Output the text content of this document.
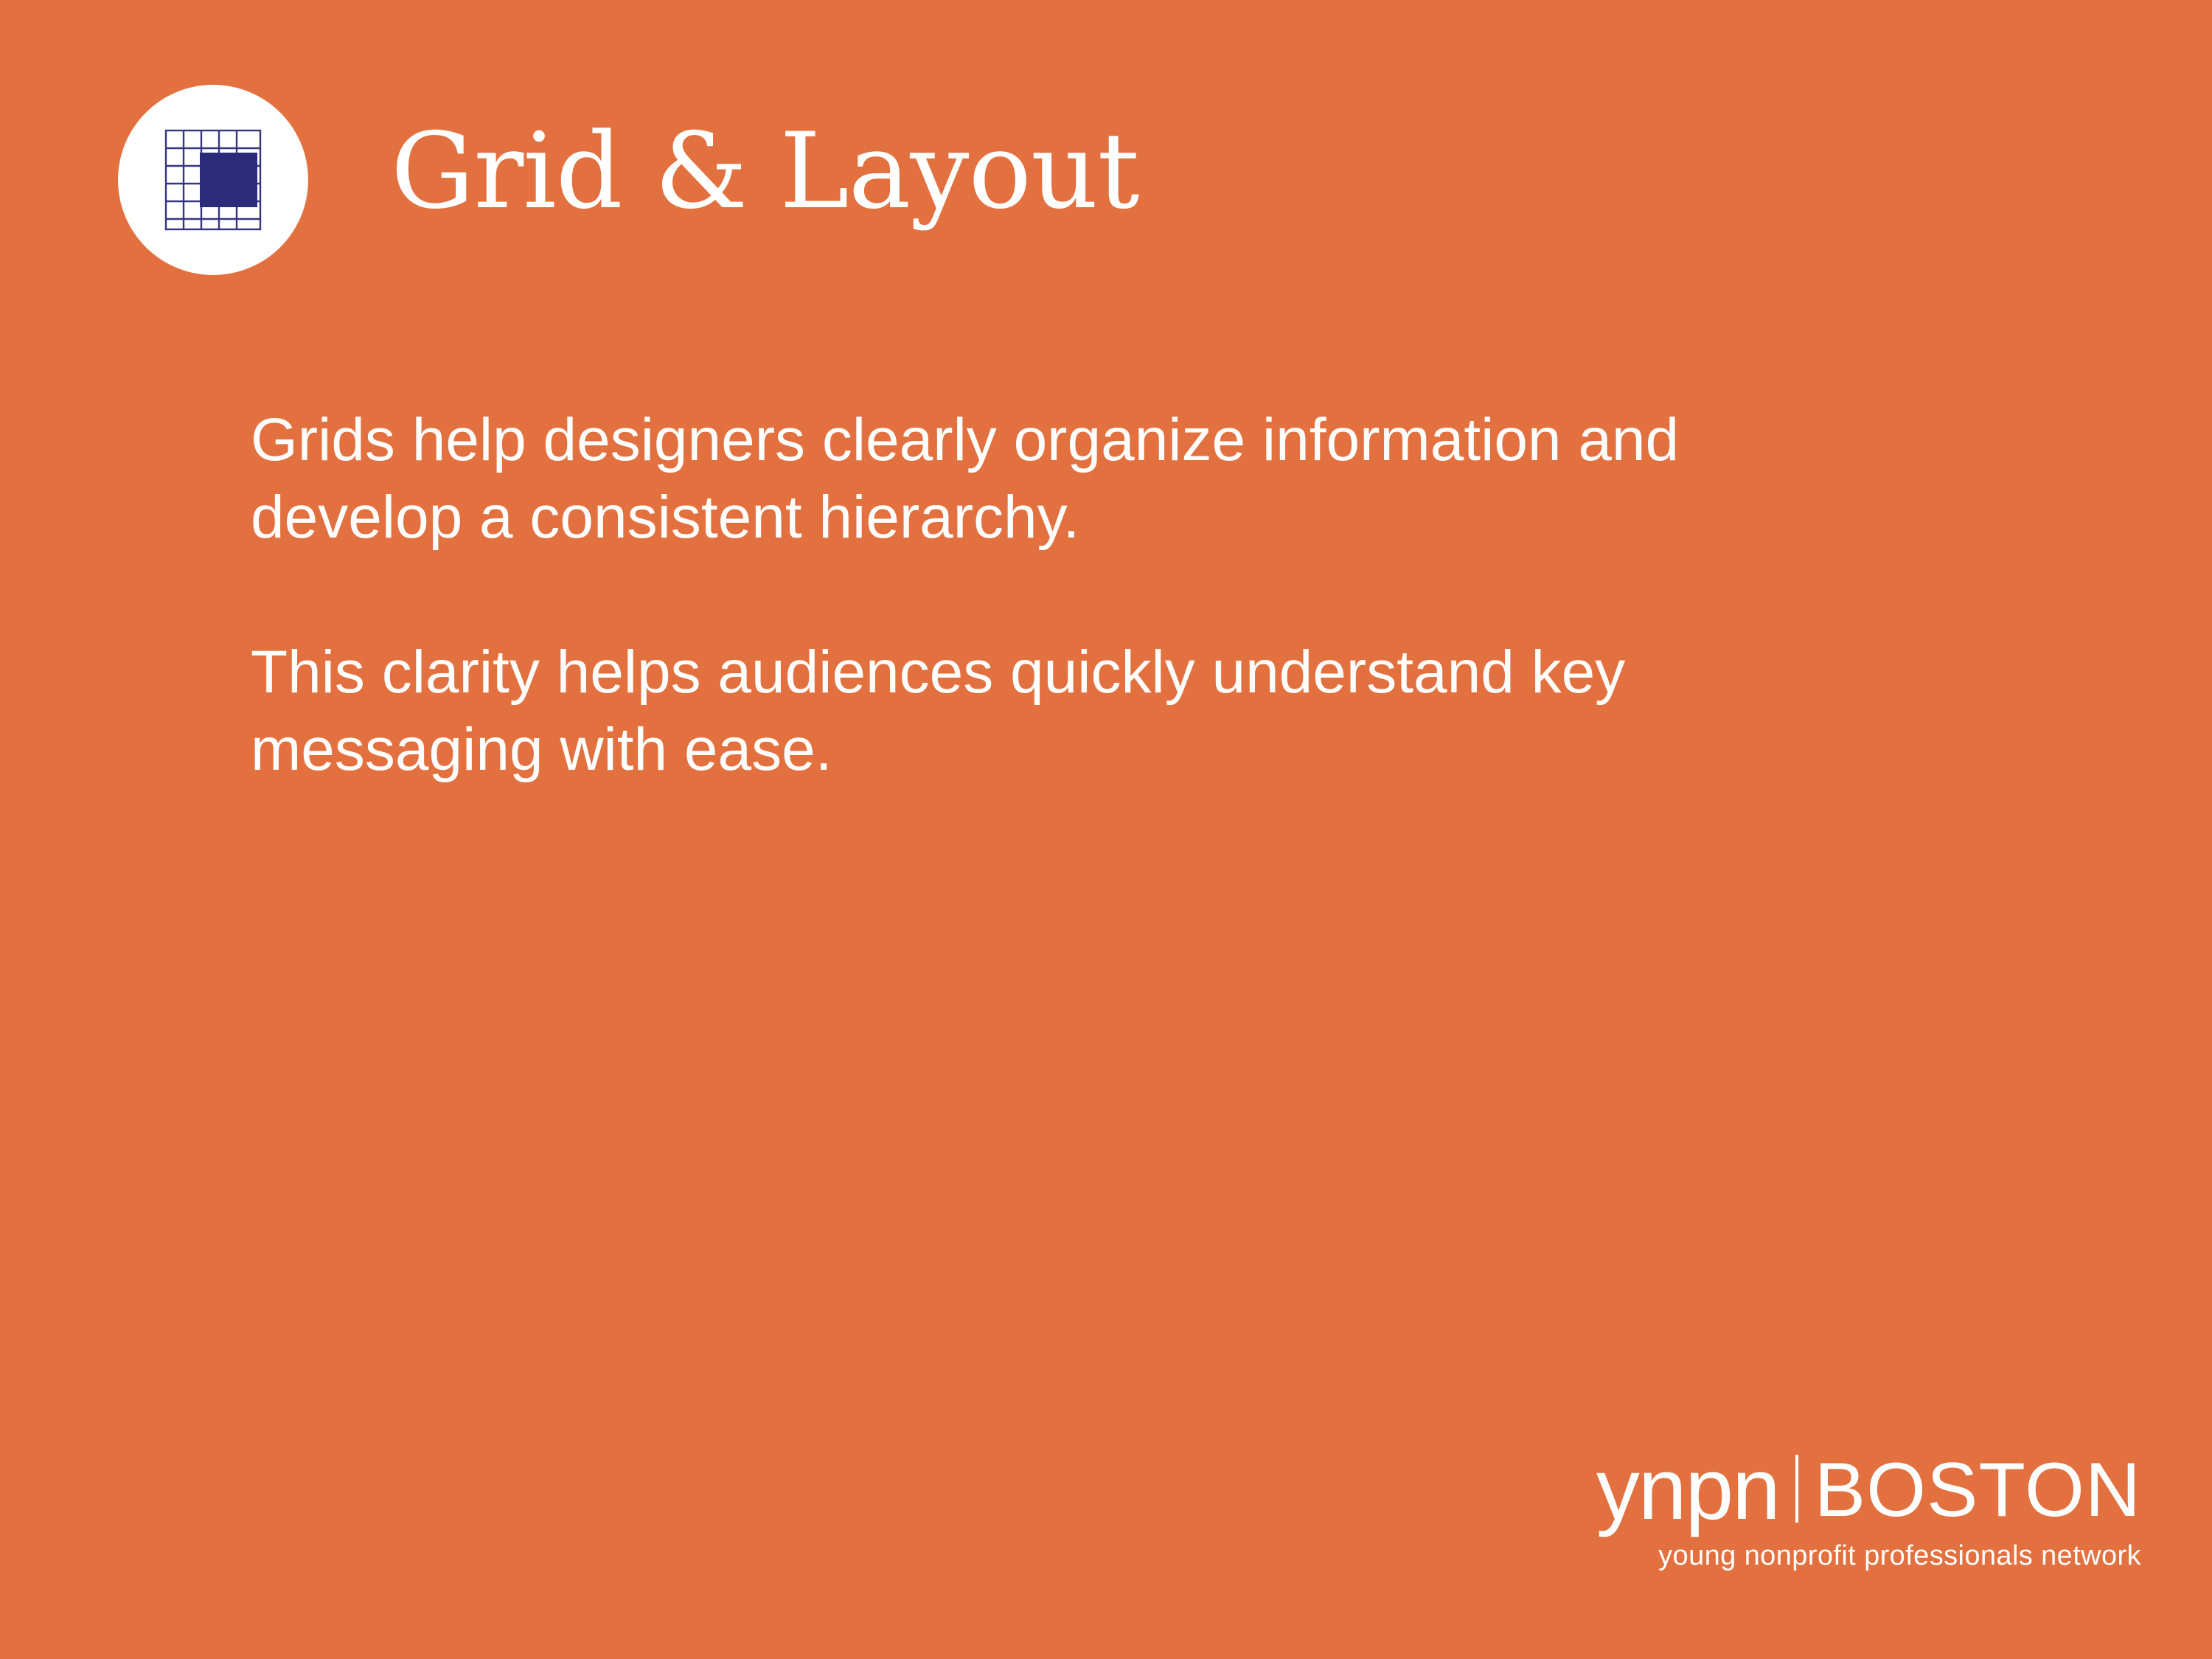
Grid & Layout

Grids help designers clearly organize information and develop a consistent hierarchy.

This clarity helps audiences quickly understand key messaging with ease.

ynpn BOSTON
young nonprofit professionals network
